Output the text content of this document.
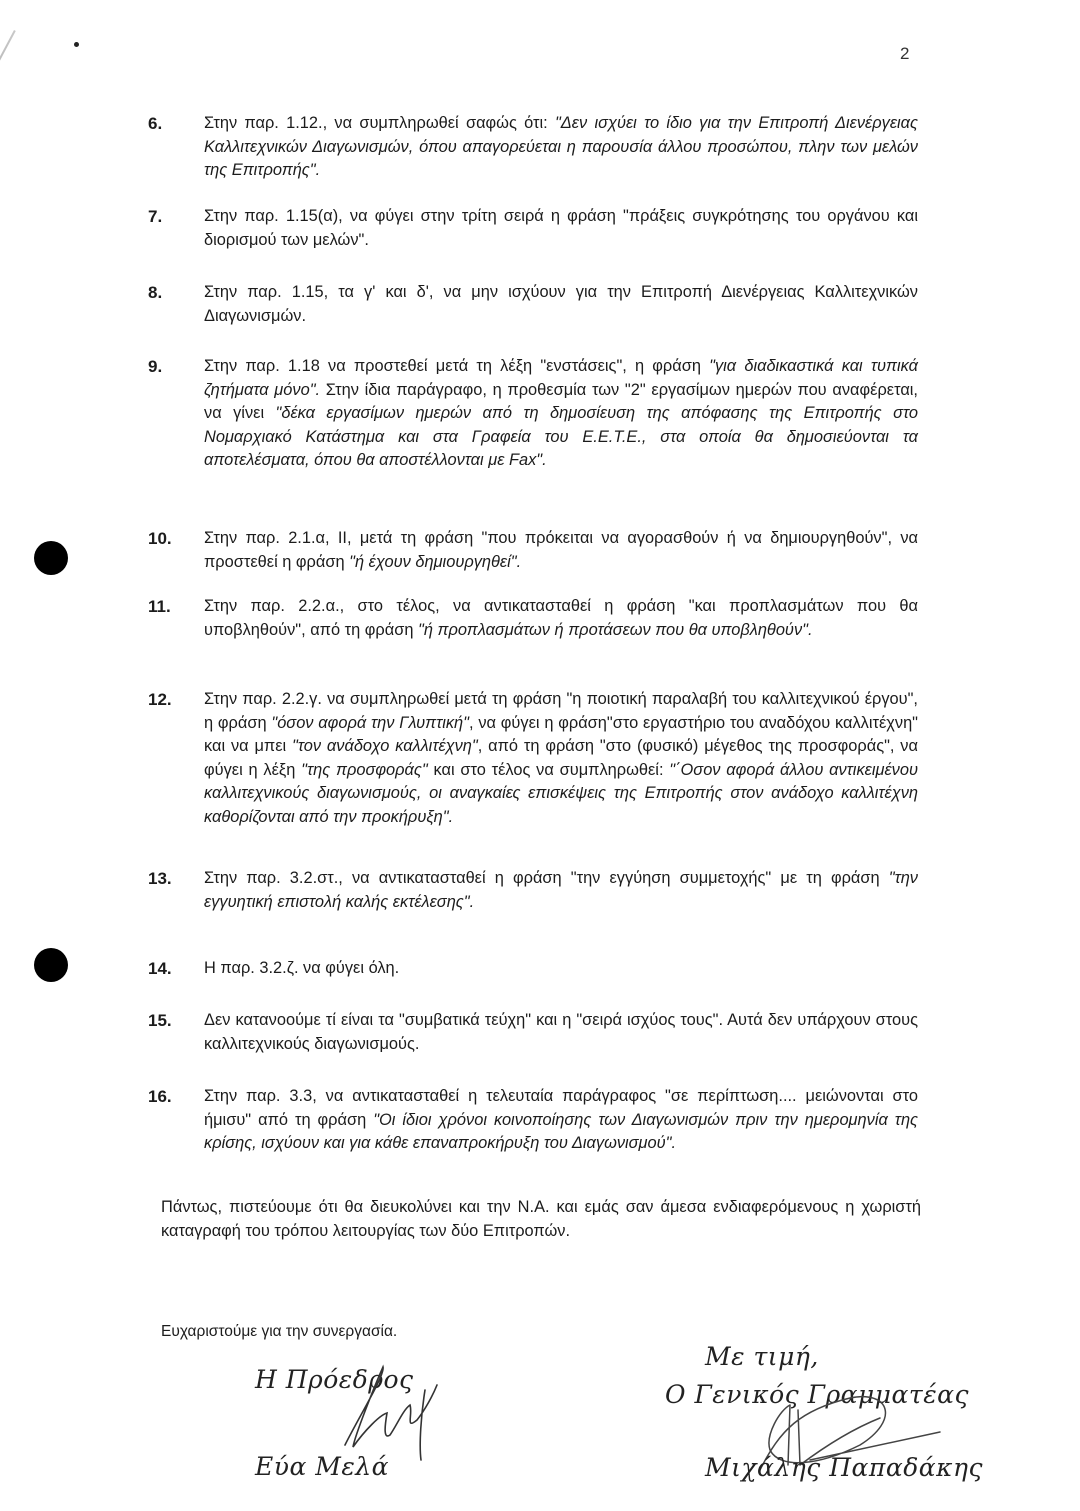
2
6.	Στην παρ. 1.12., να συμπληρωθεί σαφώς ότι: "Δεν ισχύει το ίδιο για την Επιτροπή Διενέργειας Καλλιτεχνικών Διαγωνισμών, όπου απαγορεύεται η παρουσία άλλου προσώπου, πλην των μελών της Επιτροπής".
7.	Στην παρ. 1.15(α), να φύγει στην τρίτη σειρά η φράση "πράξεις συγκρότησης του οργάνου και διορισμού των μελών".
8.	Στην παρ. 1.15, τα γ' και δ', να μην ισχύουν για την Επιτροπή Διενέργειας Καλλιτεχνικών Διαγωνισμών.
9.	Στην παρ. 1.18 να προστεθεί μετά τη λέξη "ενστάσεις", η φράση "για διαδικαστικά και τυπικά ζητήματα μόνο". Στην ίδια παράγραφο, η προθεσμία των "2" εργασίμων ημερών που αναφέρεται, να γίνει "δέκα εργασίμων ημερών από τη δημοσίευση της απόφασης της Επιτροπής στο Νομαρχιακό Κατάστημα και στα Γραφεία του Ε.Ε.Τ.Ε., στα οποία θα δημοσιεύονται τα αποτελέσματα, όπου θα αποστέλλονται με Fax".
10. Στην παρ. 2.1.α, ΙΙ, μετά τη φράση "που πρόκειται να αγορασθούν ή να δημιουργηθούν", να προστεθεί η φράση "ή έχουν δημιουργηθεί".
11. Στην παρ. 2.2.α., στο τέλος, να αντικατασταθεί η φράση "και προπλασμάτων που θα υποβληθούν", από τη φράση "ή προπλασμάτων ή προτάσεων που θα υποβληθούν".
12. Στην παρ. 2.2.γ. να συμπληρωθεί μετά τη φράση "η ποιοτική παραλαβή του καλλιτεχνικού έργου", η φράση "όσον αφορά την Γλυπτική", να φύγει η φράση"στο εργαστήριο του αναδόχου καλλιτέχνη" και να μπει "τον ανάδοχο καλλιτέχνη", από τη φράση "στο (φυσικό) μέγεθος της προσφοράς", να φύγει η λέξη "της προσφοράς" και στο τέλος να συμπληρωθεί: "΄Οσον αφορά άλλου αντικειμένου καλλιτεχνικούς διαγωνισμούς, οι αναγκαίες επισκέψεις της Επιτροπής στον ανάδοχο καλλιτέχνη καθορίζονται από την προκήρυξη".
13. Στην παρ. 3.2.στ., να αντικατασταθεί η φράση "την εγγύηση συμμετοχής" με τη φράση "την εγγυητική επιστολή καλής εκτέλεσης".
14. Η παρ. 3.2.ζ. να φύγει όλη.
15. Δεν κατανοούμε τί είναι τα "συμβατικά τεύχη" και η "σειρά ισχύος τους". Αυτά δεν υπάρχουν στους καλλιτεχνικούς διαγωνισμούς.
16. Στην παρ. 3.3, να αντικατασταθεί η τελευταία παράγραφος "σε περίπτωση.... μειώνονται στο ήμισυ" από τη φράση "Οι ίδιοι χρόνοι κοινοποίησης των Διαγωνισμών πριν την ημερομηνία της κρίσης, ισχύουν και για κάθε επαναπροκήρυξη του Διαγωνισμού".
Πάντως, πιστεύουμε ότι θα διευκολύνει και την Ν.Α. και εμάς σαν άμεσα ενδιαφερόμενους η χωριστή καταγραφή του τρόπου λειτουργίας των δύο Επιτροπών.
Ευχαριστούμε για την συνεργασία.
Η Πρόεδρος
Εύα Μελά
Με τιμή,
Ο Γενικός Γραμματέας
Μιχάλης Παπαδάκης
